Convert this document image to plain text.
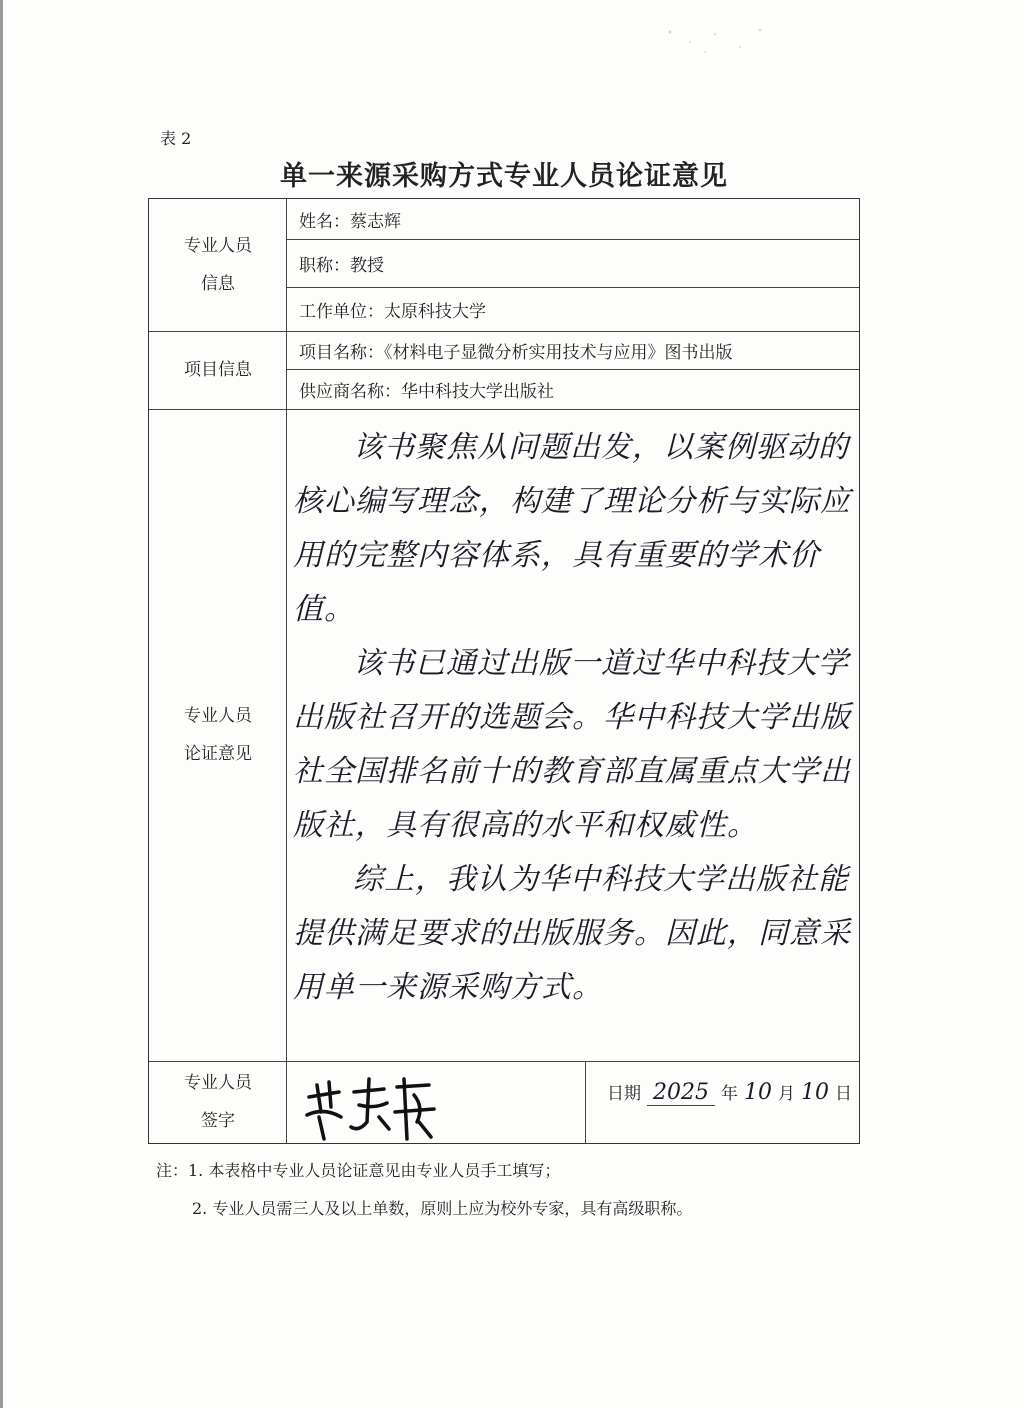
表 2
单一来源采购方式专业人员论证意见
专业人员信息
项目信息
专业人员论证意见
专业人员签字
姓名：蔡志辉
职称：教授
工作单位：太原科技大学
项目名称：《材料电子显微分析实用技术与应用》图书出版
供应商名称：华中科技大学出版社

该书聚焦从问题出发，以案例驱动的核心编写理念，构建了理论分析与实际应用的完整内容体系，具有重要的学术价值。

该书已通过出版一道过华中科技大学出版社召开的选题会。华中科技大学出版社全国排名前十的教育部直属重点大学出版社，具有很高的水平和权威性。

综上，我认为华中科技大学出版社能提供满足要求的出版服务。因此，同意采用单一来源采购方式。

日期 2025 年 10 月 10 日
注：1. 本表格中专业人员论证意见由专业人员手工填写；
2. 专业人员需三人及以上单数，原则上应为校外专家，具有高级职称。
